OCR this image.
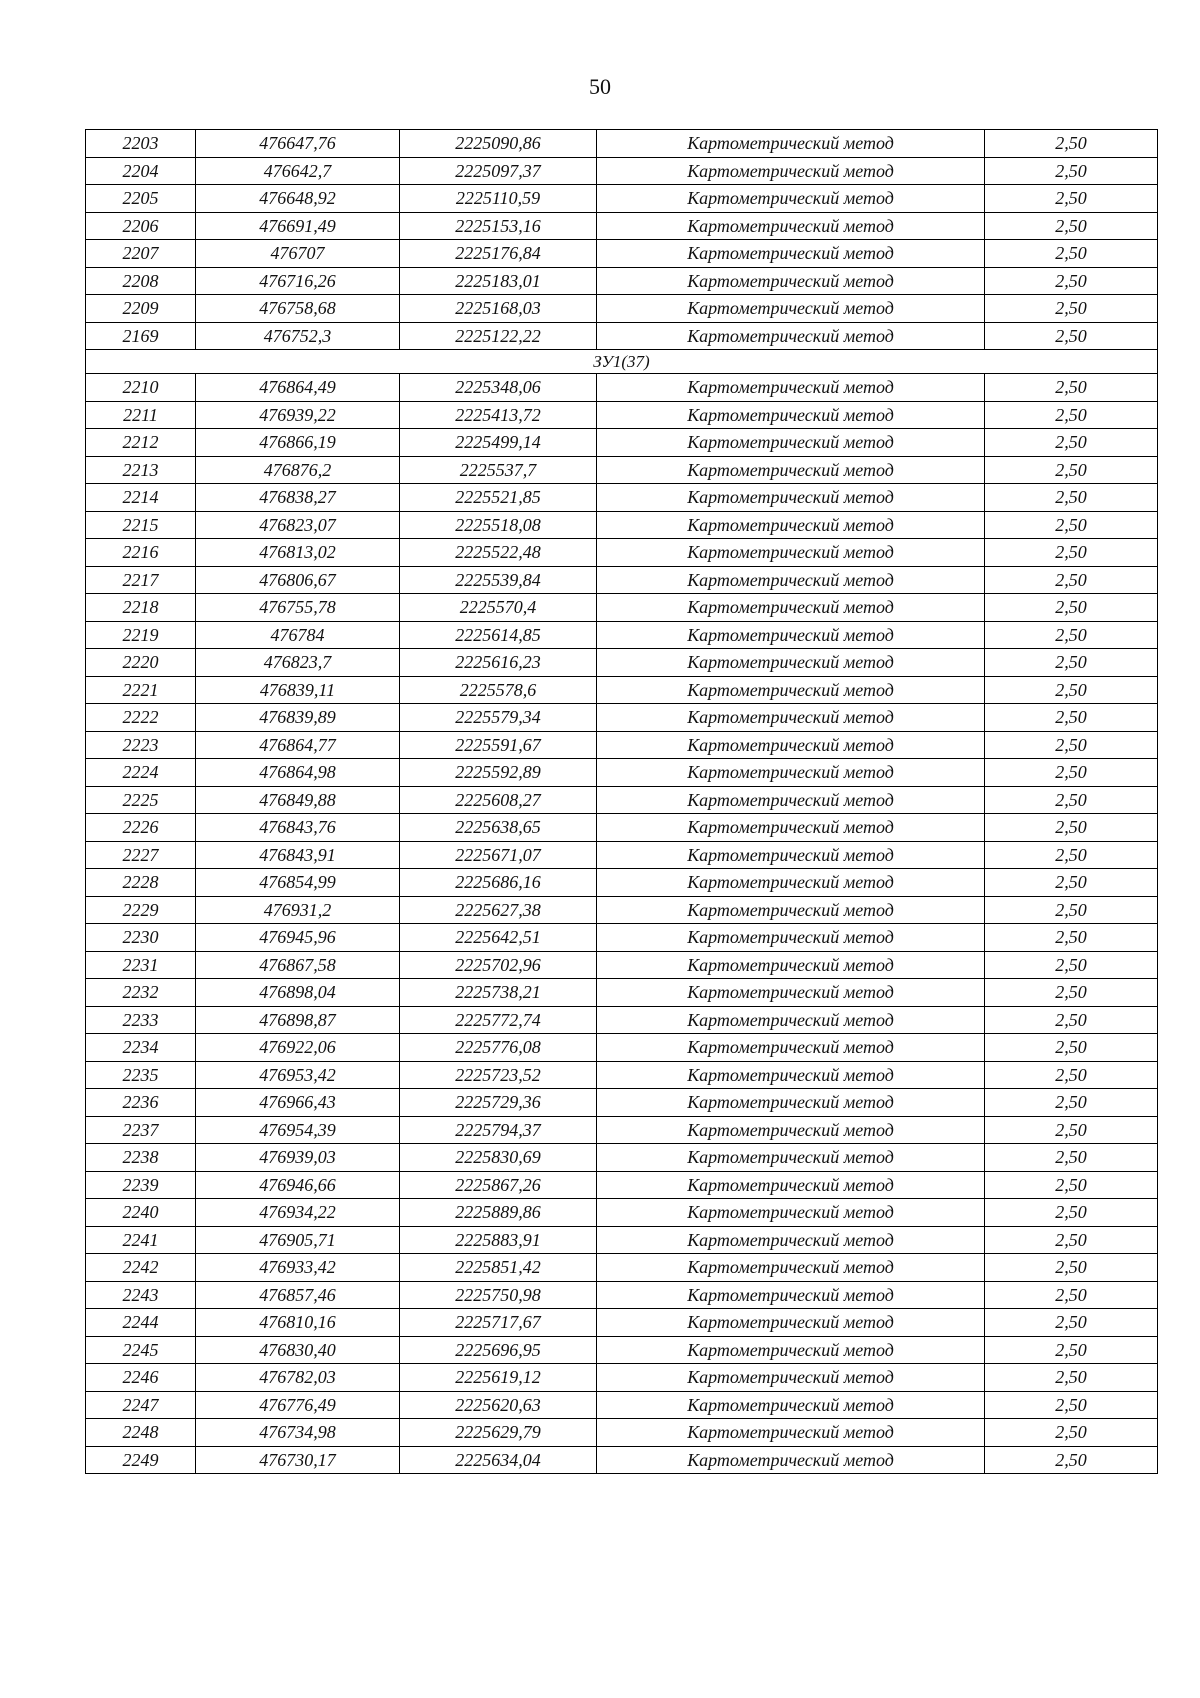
50
2203	476647,76	2225090,86	Картометрический метод	2,50
2204	476642,7	2225097,37	Картометрический метод	2,50
2205	476648,92	2225110,59	Картометрический метод	2,50
2206	476691,49	2225153,16	Картометрический метод	2,50
2207	476707	2225176,84	Картометрический метод	2,50
2208	476716,26	2225183,01	Картометрический метод	2,50
2209	476758,68	2225168,03	Картометрический метод	2,50
2169	476752,3	2225122,22	Картометрический метод	2,50
ЗУ1(37)				
2210	476864,49	2225348,06	Картометрический метод	2,50
2211	476939,22	2225413,72	Картометрический метод	2,50
2212	476866,19	2225499,14	Картометрический метод	2,50
2213	476876,2	2225537,7	Картометрический метод	2,50
2214	476838,27	2225521,85	Картометрический метод	2,50
2215	476823,07	2225518,08	Картометрический метод	2,50
2216	476813,02	2225522,48	Картометрический метод	2,50
2217	476806,67	2225539,84	Картометрический метод	2,50
2218	476755,78	2225570,4	Картометрический метод	2,50
2219	476784	2225614,85	Картометрический метод	2,50
2220	476823,7	2225616,23	Картометрический метод	2,50
2221	476839,11	2225578,6	Картометрический метод	2,50
2222	476839,89	2225579,34	Картометрический метод	2,50
2223	476864,77	2225591,67	Картометрический метод	2,50
2224	476864,98	2225592,89	Картометрический метод	2,50
2225	476849,88	2225608,27	Картометрический метод	2,50
2226	476843,76	2225638,65	Картометрический метод	2,50
2227	476843,91	2225671,07	Картометрический метод	2,50
2228	476854,99	2225686,16	Картометрический метод	2,50
2229	476931,2	2225627,38	Картометрический метод	2,50
2230	476945,96	2225642,51	Картометрический метод	2,50
2231	476867,58	2225702,96	Картометрический метод	2,50
2232	476898,04	2225738,21	Картометрический метод	2,50
2233	476898,87	2225772,74	Картометрический метод	2,50
2234	476922,06	2225776,08	Картометрический метод	2,50
2235	476953,42	2225723,52	Картометрический метод	2,50
2236	476966,43	2225729,36	Картометрический метод	2,50
2237	476954,39	2225794,37	Картометрический метод	2,50
2238	476939,03	2225830,69	Картометрический метод	2,50
2239	476946,66	2225867,26	Картометрический метод	2,50
2240	476934,22	2225889,86	Картометрический метод	2,50
2241	476905,71	2225883,91	Картометрический метод	2,50
2242	476933,42	2225851,42	Картометрический метод	2,50
2243	476857,46	2225750,98	Картометрический метод	2,50
2244	476810,16	2225717,67	Картометрический метод	2,50
2245	476830,40	2225696,95	Картометрический метод	2,50
2246	476782,03	2225619,12	Картометрический метод	2,50
2247	476776,49	2225620,63	Картометрический метод	2,50
2248	476734,98	2225629,79	Картометрический метод	2,50
2249	476730,17	2225634,04	Картометрический метод	2,50
